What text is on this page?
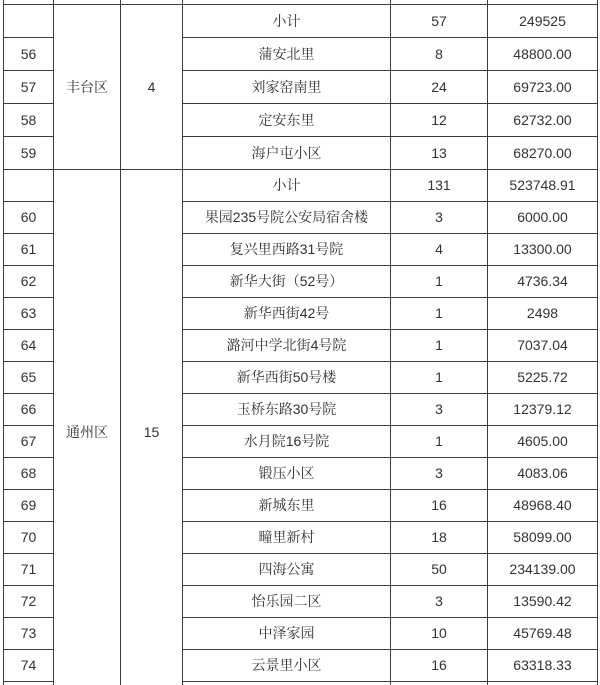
	丰台区	4	小计	57	249525
56			蒲安北里	8	48800.00
57			刘家窑南里	24	69723.00
58			定安东里	12	62732.00
59			海户屯小区	13	68270.00
	通州区	15	小计	131	523748.91
60			果园235号院公安局宿舍楼	3	6000.00
61			复兴里西路31号院	4	13300.00
62			新华大街（52号）	1	4736.34
63			新华西街42号	1	2498
64			潞河中学北街4号院	1	7037.04
65			新华西街50号楼	1	5225.72
66			玉桥东路30号院	3	12379.12
67			水月院16号院	1	4605.00
68			锻压小区	3	4083.06
69			新城东里	16	48968.40
70			疃里新村	18	58099.00
71			四海公寓	50	234139.00
72			怡乐园二区	3	13590.42
73			中泽家园	10	45769.48
74			云景里小区	16	63318.33
